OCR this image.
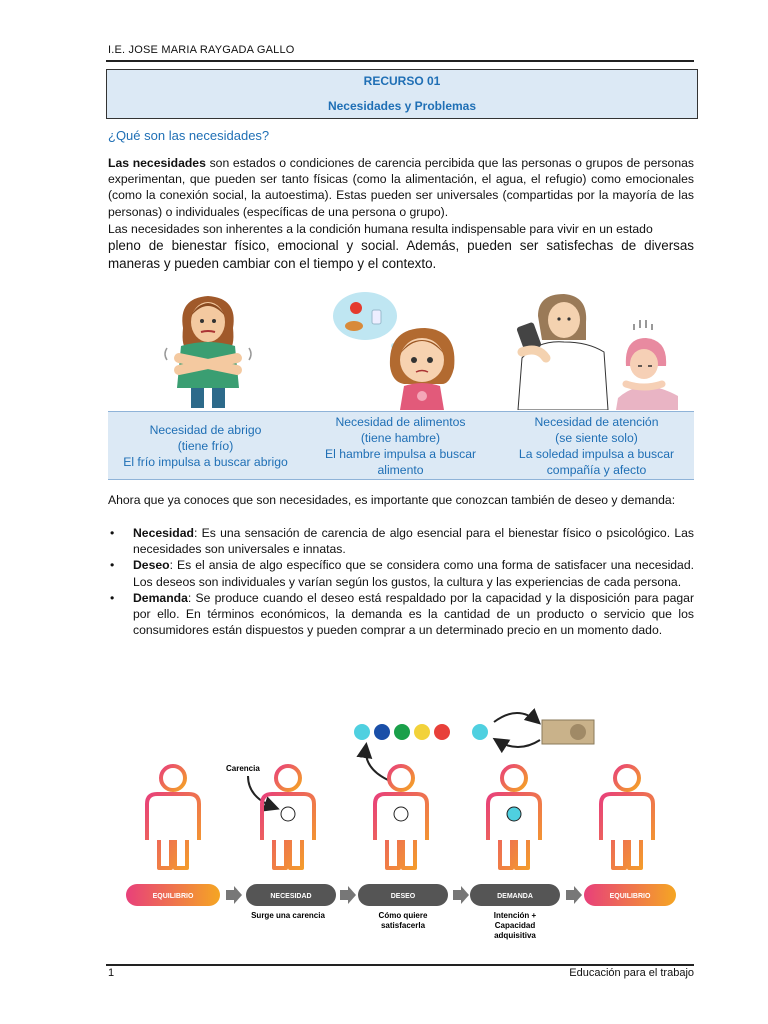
I.E. JOSE MARIA RAYGADA GALLO
RECURSO 01
Necesidades y Problemas
¿Qué son las necesidades?
Las necesidades son estados o condiciones de carencia percibida que las personas o grupos de personas experimentan, que pueden ser tanto físicas (como la alimentación, el agua, el refugio) como emocionales (como la conexión social, la autoestima). Estas pueden ser universales (compartidas por la mayoría de las personas) o individuales (específicas de una persona o grupo).
Las necesidades son inherentes a la condición humana resulta indispensable para vivir en un estado
pleno de bienestar físico, emocional y social. Además, pueden ser satisfechas de diversas maneras y pueden cambiar con el tiempo y el contexto.
Necesidad de abrigo
(tiene frío)
El frío impulsa a buscar abrigo
Necesidad de alimentos
(tiene hambre)
El hambre impulsa a buscar alimento
Necesidad de atención
(se siente solo)
La soledad impulsa a buscar compañía y afecto
Ahora que ya conoces que son necesidades, es importante que conozcan también de deseo y demanda:
• Necesidad: Es una sensación de carencia de algo esencial para el bienestar físico o psicológico. Las necesidades son universales e innatas.
• Deseo: Es el ansia de algo específico que se considera como una forma de satisfacer una necesidad. Los deseos son individuales y varían según los gustos, la cultura y las experiencias de cada persona.
• Demanda: Se produce cuando el deseo está respaldado por la capacidad y la disposición para pagar por ello. En términos económicos, la demanda es la cantidad de un producto o servicio que los consumidores están dispuestos y pueden comprar a un determinado precio en un momento dado.
Carencia
EQUILIBRIO	NECESIDAD	DESEO	DEMANDA	EQUILIBRIO
Surge una carencia	Cómo quiere satisfacerla
Intención + Capacidad adquisitiva
1	Educación para el trabajo
